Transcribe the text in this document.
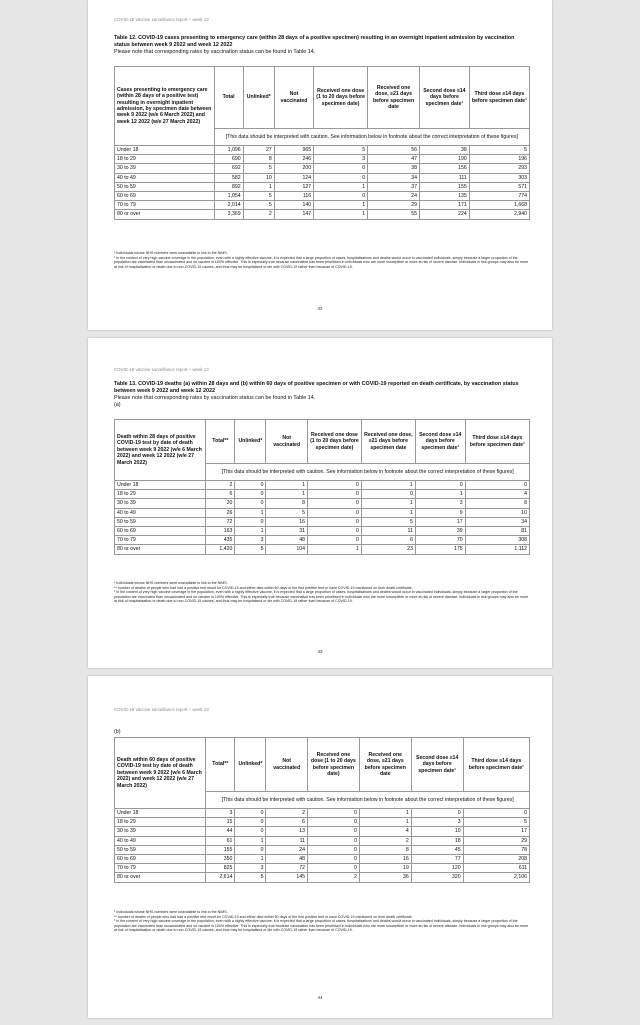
COVID-19 vaccine surveillance report – week 13
Table 12. COVID-19 cases presenting to emergency care (within 28 days of a positive specimen) resulting in an overnight inpatient admission by vaccination status between week 9 2022 and week 12 2022
Please note that corresponding rates by vaccination status can be found in Table 14.
Cases presenting to emergency care (within 28 days of a positive test) resulting in overnight inpatient admission, by specimen date between week 9 2022 (w/e 6 March 2022) and week 12 2022 (w/e 27 March 2022)	Total	Unlinked*	Not vaccinated	Received one dose (1 to 20 days before specimen date)	Received one dose, ≥21 days before specimen date	Second dose ≥14 days before specimen date¹	Third dose ≥14 days before specimen date¹
	[This data should be interpreted with caution. See information below in footnote about the correct interpretation of these figures]						
Under 18	1,096	27	965	5	56	38	5
18 to 29	690	8	246	3	47	190	196
30 to 39	692	5	200	0	38	156	293
40 to 49	582	10	124	0	34	111	303
50 to 59	892	1	127	1	37	155	571
60 to 69	1,054	5	116	0	24	135	774
70 to 79	2,014	5	140	1	29	171	1,668
80 or over	3,369	2	147	1	55	224	2,940
* Individuals whose NHS numbers were unavailable to link to the NIMS.
¹ In the context of very high vaccine coverage in the population, even with a highly effective vaccine, it is expected that a large proportion of cases, hospitalisations and deaths would occur in vaccinated individuals, simply because a larger proportion of the population are vaccinated than unvaccinated and no vaccine is 100% effective. This is especially true because vaccination has been prioritised in individuals who are more susceptible or more at risk of severe disease. Individuals in risk groups may also be more at risk of hospitalisation or death due to non-COVID-19 causes, and thus may be hospitalised or die with COVID-19 rather than because of COVID-19.
42
COVID-19 vaccine surveillance report – week 13
Table 13. COVID-19 deaths (a) within 28 days and (b) within 60 days of positive specimen or with COVID-19 reported on death certificate, by vaccination status between week 9 2022 and week 12 2022
Please note that corresponding rates by vaccination status can be found in Table 14.
(a)
Death within 28 days of positive COVID-19 test by date of death between week 9 2022 (w/e 6 March 2022) and week 12 2022 (w/e 27 March 2022)	Total**	Unlinked*	Not vaccinated	Received one dose (1 to 20 days before specimen date)	Received one dose, ≥21 days before specimen date	Second dose ≥14 days before specimen date¹	Third dose ≥14 days before specimen date¹
	[This data should be interpreted with caution. See information below in footnote about the correct interpretation of these figures]						
Under 18	2	0	1	0	1	0	0
18 to 29	6	0	1	0	0	1	4
30 to 39	20	0	8	0	1	3	8
40 to 49	26	1	5	0	1	9	10
50 to 59	72	0	16	0	5	17	34
60 to 69	163	1	31	0	11	39	81
70 to 79	435	3	48	0	6	70	308
80 or over	1,420	5	104	1	23	175	1,112
* Individuals whose NHS numbers were unavailable to link to the NIMS.
** number of deaths of people who had had a positive test result for COVID-19 and either died within 60 days of the first positive test or have COVID-19 mentioned on their death certificate.
¹ In the context of very high vaccine coverage in the population, even with a highly effective vaccine, it is expected that a large proportion of cases, hospitalisations and deaths would occur in vaccinated individuals, simply because a larger proportion of the population are vaccinated than unvaccinated and no vaccine is 100% effective. This is especially true because vaccination has been prioritised in individuals who are more susceptible or more at risk of severe disease. Individuals in risk groups may also be more at risk of hospitalisation or death due to non-COVID-19 causes, and thus may be hospitalised or die with COVID-19 rather than because of COVID-19.
43
COVID-19 vaccine surveillance report – week 13
(b)
Death within 60 days of positive COVID-19 test by date of death between week 9 2022 (w/e 6 March 2022) and week 12 2022 (w/e 27 March 2022)	Total**	Unlinked*	Not vaccinated	Received one dose (1 to 20 days before specimen date)	Received one dose, ≥21 days before specimen date	Second dose ≥14 days before specimen date¹	Third dose ≥14 days before specimen date¹
	[This data should be interpreted with caution. See information below in footnote about the correct interpretation of these figures]						
Under 18	3	0	2	0	1	0	0
18 to 29	15	0	6	0	1	3	5
30 to 39	44	0	13	0	4	10	17
40 to 49	61	1	11	0	2	18	29
50 to 59	155	0	24	0	8	45	78
60 to 69	350	1	48	0	16	77	208
70 to 79	825	3	72	0	19	120	611
80 or over	2,614	5	145	2	36	320	2,106
* Individuals whose NHS numbers were unavailable to link to the NIMS.
** number of deaths of people who had had a positive test result for COVID-19 and either died within 60 days of the first positive test or have COVID-19 mentioned on their death certificate.
¹ In the context of very high vaccine coverage in the population, even with a highly effective vaccine, it is expected that a large proportion of cases, hospitalisations and deaths would occur in vaccinated individuals, simply because a larger proportion of the population are vaccinated than unvaccinated and no vaccine is 100% effective. This is especially true because vaccination has been prioritised in individuals who are more susceptible or more at risk of severe disease. Individuals in risk groups may also be more at risk of hospitalisation or death due to non-COVID-19 causes, and thus may be hospitalised or die with COVID-19 rather than because of COVID-19.
44
